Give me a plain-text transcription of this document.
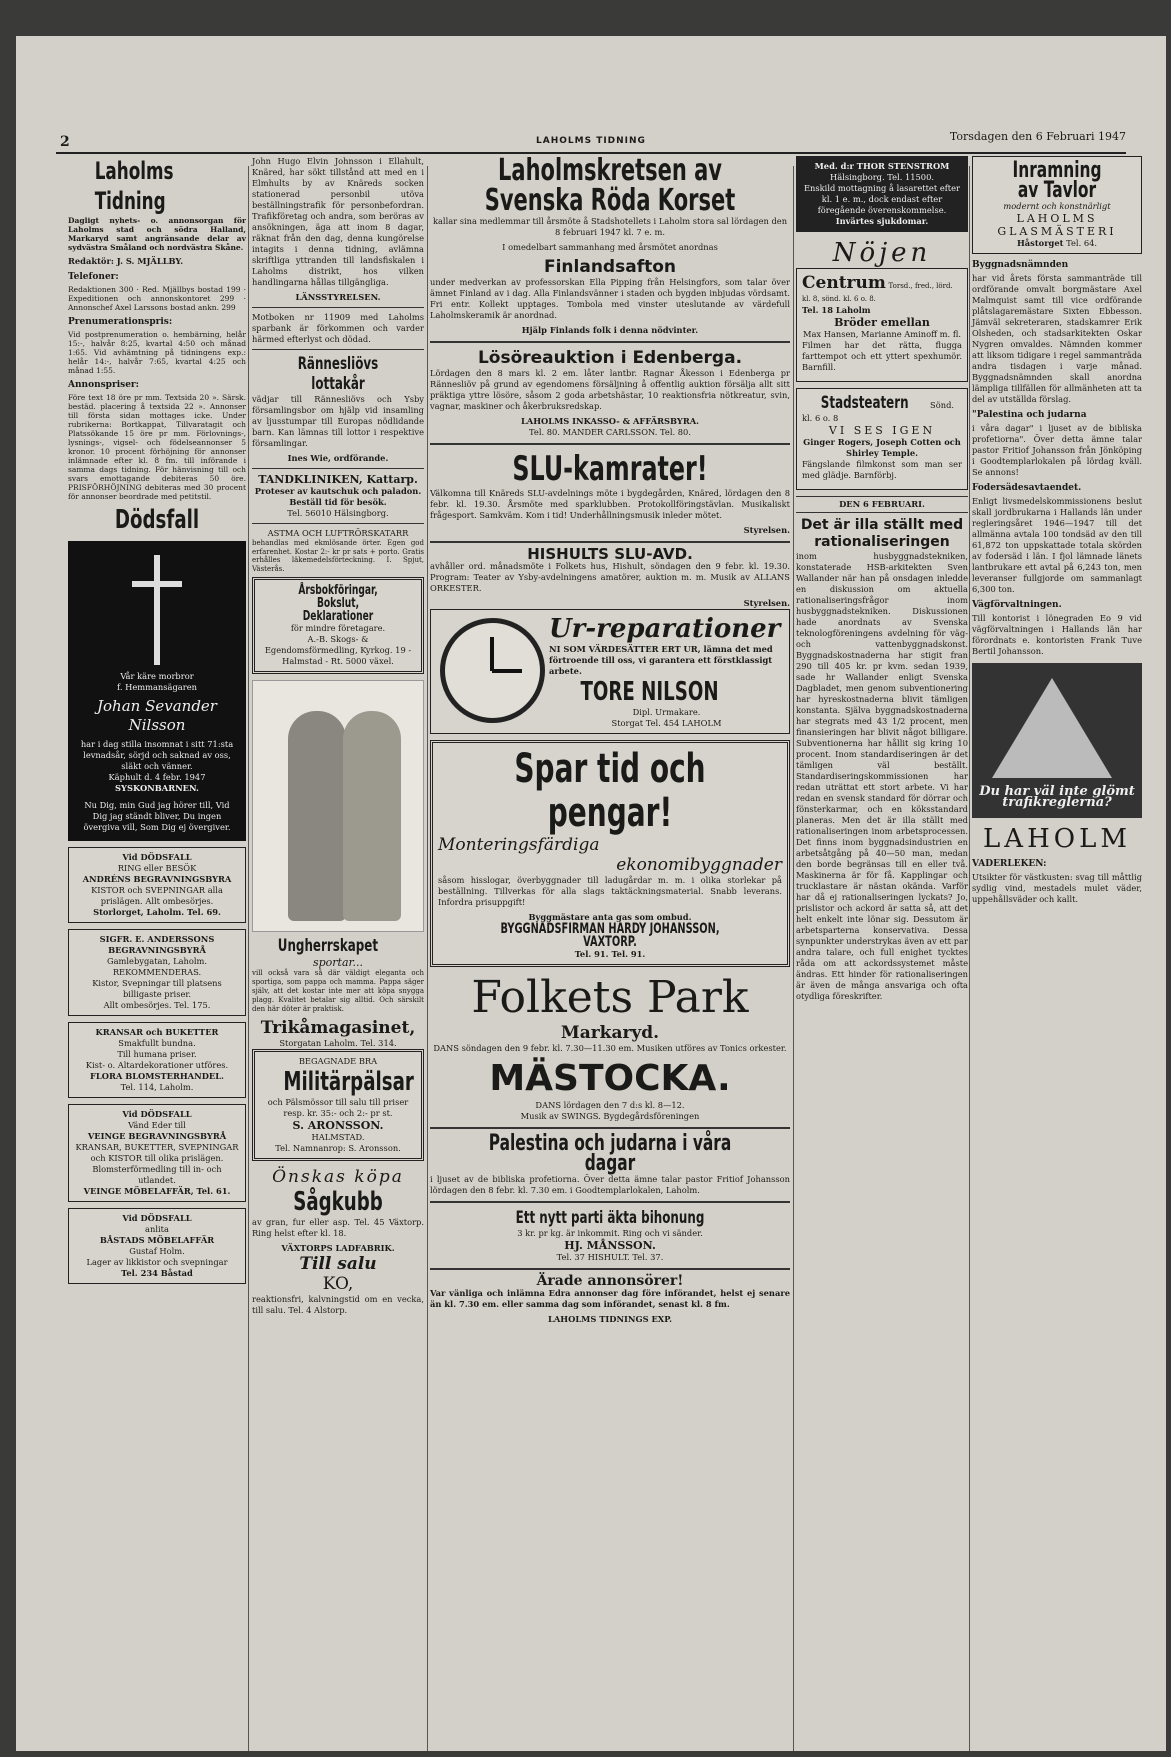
2	LAHOLMS TIDNING	Torsdagen den 6 Februari 1947
Laholms Tidning

Dagligt nyhets- o. annonsorgan för Laholms stad och södra Halland, Markaryd samt angränsande delar av sydvästra Småland och nordvästra Skåne.

Redaktör: J. S. MJÄLLBY.

Telefoner:

Redaktionen 300 · Red. Mjällbys bostad 199 · Expeditionen och annonskontoret 299 · Annonschef Axel Larssons bostad ankn. 299

Prenumerationspris:

Vid postprenumeration o. hembärning, helår 15:-, halvår 8:25, kvartal 4:50 och månad 1:65. Vid avhämtning på tidningens exp.: helår 14:-, halvår 7:65, kvartal 4:25 och månad 1:55.

Annonspriser:

Före text 18 öre pr mm. Textsida 20 ». Särsk. bestäd. placering å textsida 22 ». Annonser till första sidan mottages icke. Under rubrikerna: Bortkappat, Tillvaratagit och Platssökande 15 öre pr mm. Förlovnings-, lysnings-, vigsel- och födelseannonser 5 kronor. 10 procent förhöjning för annonser inlämnade efter kl. 8 fm. till införande i samma dags tidning. För hänvisning till och svars emottagande debiteras 50 öre. PRISFÖRHÖJNING debiteras med 30 procent för annonser beordrade med petitstil.

Dödsfall
Vår käre morbror
f. Hemmansägaren
Johan Sevander Nilsson
har i dag stilla insomnat i sitt 71:sta levnadsår, sörjd och saknad av oss, släkt och vänner.
Käphult d. 4 febr. 1947
SYSKONBARNEN.
Nu Dig, min Gud jag hörer till, Vid Dig jag ständt bliver, Du ingen övergiva vill, Som Dig ej övergiver.
Vid DÖDSFALL
RING eller BESÖK
ANDRÉNS BEGRAVNINGSBYRA
KISTOR och SVEPNINGAR alla prislägen. Allt ombesörjes.
Storlorget, Laholm. Tel. 69.
SIGFR. E. ANDERSSONS BEGRAVNINGSBYRÅ
Gamlebygatan, Laholm.
REKOMMENDERAS.
Kistor, Svepningar till platsens billigaste priser.
Allt ombesörjes. Tel. 175.
KRANSAR och BUKETTER
Smakfullt bundna.
Till humana priser.
Kist- o. Altardekorationer utföres.
FLORA BLOMSTERHANDEL.
Tel. 114, Laholm.
Vid DÖDSFALL
Vänd Eder till
VEINGE BEGRAVNINGSBYRÅ
KRANSAR, BUKETTER, SVEPNINGAR och KISTOR till olika prislägen.
Blomsterförmedling till in- och utlandet.
VEINGE MÖBELAFFÄR, Tel. 61.
Vid DÖDSFALL
anlita
BÅSTADS MÖBELAFFÄR
Gustaf Holm.
Lager av likkistor och svepningar
Tel. 234 Båstad

John Hugo Elvin Johnsson i Ellahult, Knäred, har sökt tillstånd att med en i Elmhults by av Knäreds socken stationerad personbil utöva beställningstrafik för personbefordran. Trafikföretag och andra, som beröras av ansökningen, äga att inom 8 dagar, räknat från den dag, denna kungörelse intagits i denna tidning, avlämna skriftliga yttranden till landsfiskalen i Laholms distrikt, hos vilken handlingarna hållas tillgängliga.

LÄNSSTYRELSEN.

Motboken nr 11909 med Laholms sparbank är förkommen och varder härmed efterlyst och dödad.

Rännesliövs lottakår

vädjar till Rännesliövs och Ysby församlingsbor om hjälp vid insamling av ljusstumpar till Europas nödlidande barn. Kan lämnas till lottor i respektive församlingar.

Ines Wie, ordförande.
TANDKLINIKEN, Kattarp.
Proteser av kautschuk och paladon. Beställ tid för besök.
Tel. 56010 Hälsingborg.
ASTMA OCH LUFTRÖRSKATARR

behandlas med ekmlösande örter. Egen god erfarenhet. Kostar 2:- kr pr sats + porto. Gratis erhålles läkemedelsförteckning. I. Spjut, Västerås.

Årsbokföringar, Bokslut, Deklarationer
för mindre företagare.
A.-B. Skogs- & Egendomsförmedling, Kyrkog. 19 - Halmstad - Rt. 5000 växel.
Ungherrskapet
sportar...

vill också vara så där väldigt eleganta och sportiga, som pappa och mamma. Pappa säger själv, att det kostar inte mer att köpa snygga plagg. Kvalitet betalar sig alltid. Och särskilt den här döter är praktisk.

Trikåmagasinet,
Storgatan Laholm. Tel. 314.
BEGAGNADE BRA
Militärpälsar
och Pälsmössor till salu till priser resp. kr. 35:- och 2:- pr st.
S. ARONSSON.
HALMSTAD.
Tel. Namnanrop: S. Aronsson.
Önskas köpa
Sågkubb

av gran, fur eller asp. Tel. 45 Växtorp. Ring helst efter kl. 18.

VÄXTORPS LADFABRIK.
Till salu
KO,

reaktionsfri, kalvningstid om en vecka, till salu. Tel. 4 Alstorp.

Laholmskretsen av Svenska Röda Korset

kallar sina medlemmar till årsmöte å Stadshotellets i Laholm stora sal lördagen den 8 februari 1947 kl. 7 e. m.

I omedelbart sammanhang med årsmötet anordnas

Finlandsafton

under medverkan av professorskan Ella Pipping från Helsingfors, som talar över ämnet Finland av i dag. Alla Finlandsvänner i staden och bygden inbjudas vördsamt. Fri entr. Kollekt upptages. Tombola med vinster uteslutande av värdefull Laholmskeramik är anordnad.

Hjälp Finlands folk i denna nödvinter.
Lösöreauktion i Edenberga.

Lördagen den 8 mars kl. 2 em. låter lantbr. Ragnar Åkesson i Edenberga pr Rännesliöv på grund av egendomens försäljning å offentlig auktion försälja allt sitt präktiga yttre lösöre, såsom 2 goda arbetshästar, 10 reaktionsfria nötkreatur, svin, vagnar, maskiner och åkerbruksredskap.

LAHOLMS INKASSO- & AFFÄRSBYRA.
Tel. 80. MANDER CARLSSON. Tel. 80.
SLU-kamrater!

Välkomna till Knäreds SLU-avdelnings möte i bygdegården, Knäred, lördagen den 8 febr. kl. 19.30. Årsmöte med sparklubben. Protokollföringstävlan. Musikaliskt frågesport. Samkväm. Kom i tid! Underhållningsmusik inleder mötet.

Styrelsen.
HISHULTS SLU-AVD.

avhåller ord. månadsmöte i Folkets hus, Hishult, söndagen den 9 febr. kl. 19.30. Program: Teater av Ysby-avdelningens amatörer, auktion m. m. Musik av ALLANS ORKESTER.

Styrelsen.
Ur-reparationer
NI SOM VÄRDESÄTTER ERT UR, lämna det med förtroende till oss, vi garantera ett förstklassigt arbete.
TORE NILSON
Dipl. Urmakare.
Storgat Tel. 454 LAHOLM
Spar tid och pengar!
Monteringsfärdiga
ekonomibyggnader

såsom hisslogar, överbyggnader till ladugårdar m. m. i olika storlekar på beställning. Tillverkas för alla slags taktäckningsmaterial. Snabb leverans. Infordra prisuppgift!

Byggmästare anta gas som ombud.
BYGGNADSFIRMAN HARDY JOHANSSON, VAXTORP.
Tel. 91. Tel. 91.
Folkets Park
Markaryd.

DANS söndagen den 9 febr. kl. 7.30—11.30 em. Musiken utföres av Tonics orkester.

MÄSTOCKA.
DANS lördagen den 7 d:s kl. 8—12.
Musik av SWINGS. Bygdegårdsföreningen
Palestina och judarna i våra dagar

i ljuset av de bibliska profetiorna. Över detta ämne talar pastor Fritiof Johansson lördagen den 8 febr. kl. 7.30 em. i Goodtemplarlokalen, Laholm.

Ett nytt parti äkta bihonung
3 kr. pr kg. är inkommit. Ring och vi sänder.
HJ. MÅNSSON.
Tel. 37 HISHULT. Tel. 37.
Ärade annonsörer!

Var vänliga och inlämna Edra annonser dag före införandet, helst ej senare än kl. 7.30 em. eller samma dag som införandet, senast kl. 8 fm.

LAHOLMS TIDNINGS EXP.
Med. d:r THOR STENSTROM
Hälsingborg. Tel. 11500.
Enskild mottagning å lasarettet efter kl. 1 e. m., dock endast efter föregående överenskommelse.
Invärtes sjukdomar.
Nöjen
Centrum Torsd., fred., lörd. kl. 8, sönd. kl. 6 o. 8.
Tel. 18 Laholm
Bröder emellan
Max Hansen, Marianne Aminoff m. fl.

Filmen har det rätta, flugga farttempot och ett yttert spexhumör. Barnfill.

Stadsteatern	Sönd. kl. 6 o. 8
VI SES IGEN
Ginger Rogers, Joseph Cotten och Shirley Temple.

Fängslande filmkonst som man ser med glädje. Barnförbj.

DEN 6 FEBRUARI.
Det är illa ställt med rationaliseringen

inom husbyggnadstekniken, konstaterade HSB-arkitekten Sven Wallander när han på onsdagen inledde en diskussion om aktuella rationaliseringsfrågor inom husbyggnadstekniken. Diskussionen hade anordnats av Svenska teknologföreningens avdelning för väg- och vattenbyggnadskonst. Byggnadskostnaderna har stigit fran 290 till 405 kr. pr kvm. sedan 1939, sade hr Wallander enligt Svenska Dagbladet, men genom subventionering har hyreskostnaderna blivit tämligen konstanta. Själva byggnadskostnaderna har stegrats med 43 1/2 procent, men finansieringen har blivit något billigare. Subventionerna har hållit sig kring 10 procent. Inom standardiseringen är det tämligen väl beställt. Standardiseringskommissionen har redan uträttat ett stort arbete. Vi har redan en svensk standard för dörrar och fönsterkarmar, och en köksstandard planeras. Men det är illa ställt med rationaliseringen inom arbetsprocessen. Det finns inom byggnadsindustrien en arbetsåtgång på 40—50 man, medan den borde begränsas till en eller två. Maskinerna är för få. Kapplingar och trucklastare är nästan okända. Varför har då ej rationaliseringen lyckats? Jo, prislistor och ackord är satta så, att det helt enkelt inte lönar sig. Dessutom är arbetsparterna konservativa. Dessa synpunkter understrykas även av ett par andra talare, och full enighet tycktes råda om att ackordssystemet måste ändras. Ett hinder för rationaliseringen är även de många ansvariga och ofta otydliga föreskrifter.

Inramning av Tavlor
modernt och konstnärligt
LAHOLMS GLASMÄSTERI
Håstorget Tel. 64.
Byggnadsnämnden

har vid årets första sammanträde till ordförande omvalt borgmästare Axel Malmquist samt till vice ordförande plåtslagaremästare Sixten Ebbesson. Jämväl sekreteraren, stadskamrer Erik Olsheden, och stadsarkitekten Oskar Nygren omvaldes. Nämnden kommer att liksom tidigare i regel sammanträda andra tisdagen i varje månad. Byggnadsnämnden skall anordna lämpliga tillfällen för allmänheten att ta del av utställda förslag.

"Palestina och judarna

i våra dagar" i ljuset av de bibliska profetiorna". Över detta ämne talar pastor Fritiof Johansson från Jönköping i Goodtemplarlokalen på lördag kväll. Se annons!

Fodersädesavtaendet.

Enligt livsmedelskommissionens beslut skall jordbrukarna i Hallands län under regleringsåret 1946—1947 till det allmänna avtala 100 tondsäd av den till 61,872 ton uppskattade totala skörden av fodersäd i län. I fjol lämnade länets lantbrukare ett avtal på 6,243 ton, men leveranser fullgjorde om sammanlagt 6,300 ton.

Vägförvaltningen.

Till kontorist i lönegraden Eo 9 vid vägförvaltningen i Hallands län har förordnats e. kontoristen Frank Tuve Bertil Johansson.

Du har väl inte glömt trafikreglerna?
LAHOLM
VADERLEKEN:

Utsikter för västkusten: svag till måttlig sydlig vind, mestadels mulet väder, uppehållsväder och kallt.
